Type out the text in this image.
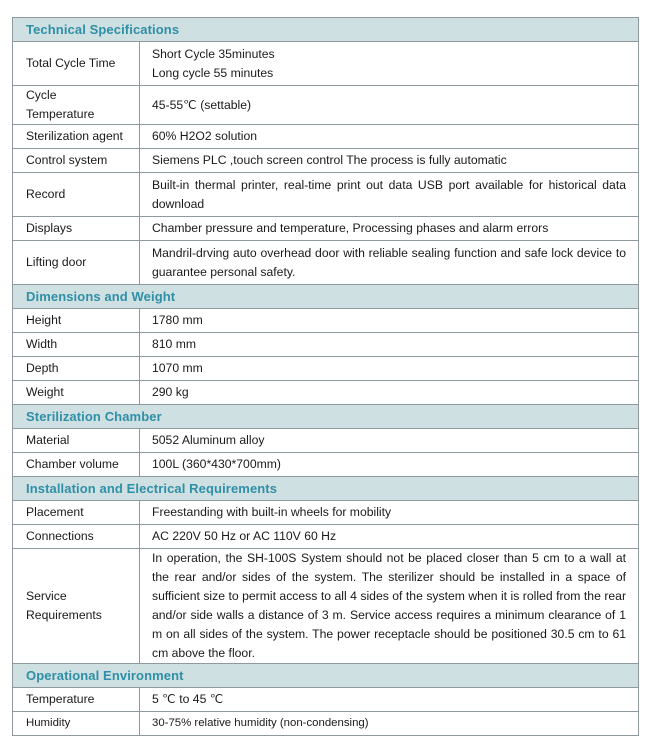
Technical Specifications	
Total Cycle Time	Short Cycle 35minutes
Long cycle 55 minutes

Cycle Temperature	45-55℃ (settable)
Sterilization agent	60% H2O2 solution
Control system	Siemens PLC ,touch screen control The process is fully automatic
Record	Built-in thermal printer, real-time print out data USB port available for historical data download
Displays	Chamber pressure and temperature, Processing phases and alarm errors
Lifting door	Mandril-drving auto overhead door with reliable sealing function and safe lock device to guarantee personal safety.
Dimensions and Weight	
Height	1780 mm
Width	810 mm
Depth	1070 mm
Weight	290 kg
Sterilization Chamber	
Material	5052 Aluminum alloy
Chamber volume	100L (360*430*700mm)
Installation and Electrical Requirements	
Placement	Freestanding with built-in wheels for mobility
Connections	AC 220V 50 Hz or AC 110V 60 Hz
Service Requirements	In operation, the SH-100S System should not be placed closer than 5 cm to a wall at the rear and/or sides of the system. The sterilizer should be installed in a space of sufficient size to permit access to all 4 sides of the system when it is rolled from the rear and/or side walls a distance of 3 m. Service access requires a minimum clearance of 1 m on all sides of the system. The power receptacle should be positioned 30.5 cm to 61 cm above the floor.
Operational Environment	
Temperature	5 ℃ to 45 ℃
Humidity	30-75% relative humidity (non-condensing)
